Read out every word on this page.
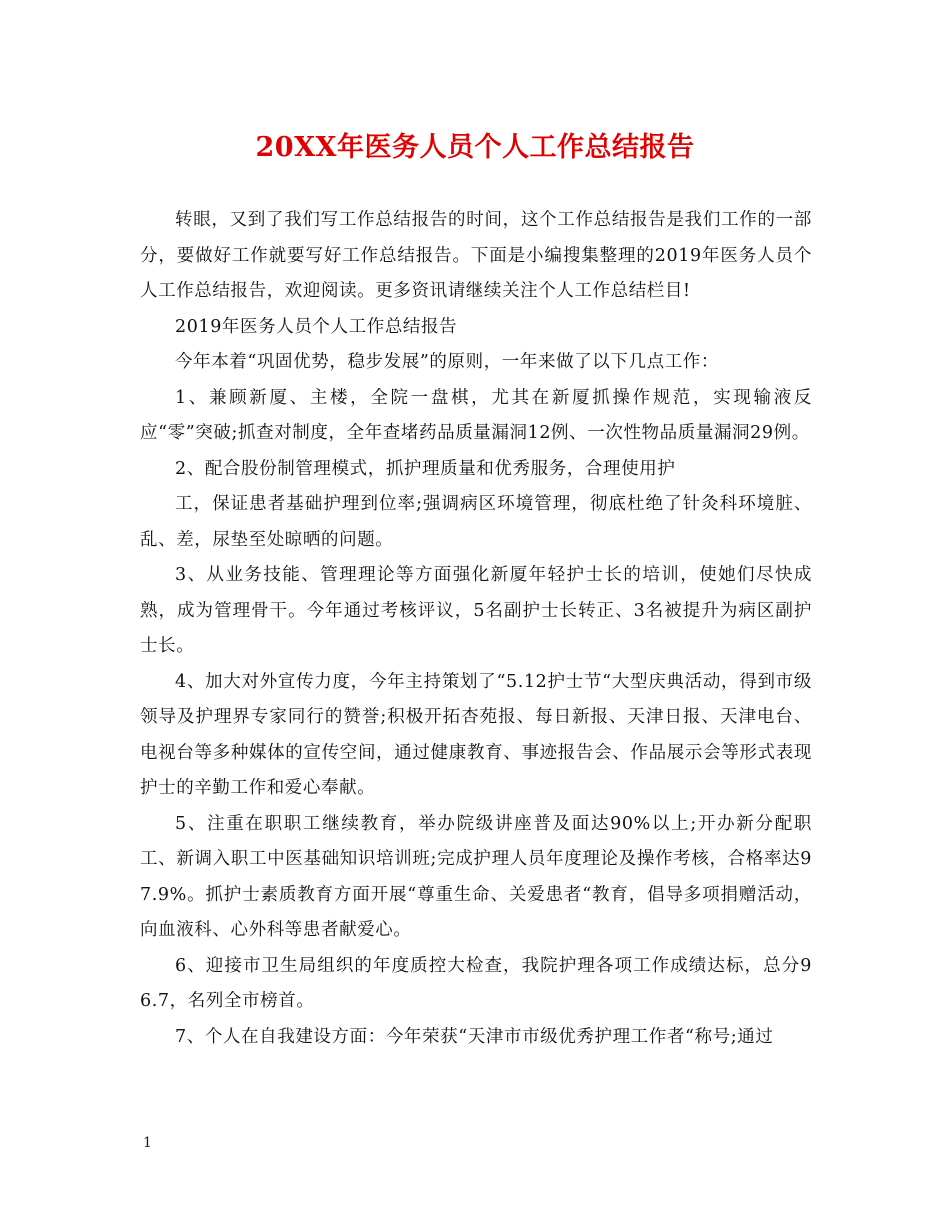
20XX年医务人员个人工作总结报告

转眼，又到了我们写工作总结报告的时间，这个工作总结报告是我们工作的一部分，要做好工作就要写好工作总结报告。下面是小编搜集整理的2019年医务人员个人工作总结报告，欢迎阅读。更多资讯请继续关注个人工作总结栏目!

2019年医务人员个人工作总结报告

今年本着“巩固优势，稳步发展”的原则，一年来做了以下几点工作：

1、兼顾新厦、主楼，全院一盘棋，尤其在新厦抓操作规范，实现输液反应“零”突破;抓查对制度，全年查堵药品质量漏洞12例、一次性物品质量漏洞29例。

2、配合股份制管理模式，抓护理质量和优秀服务，合理使用护

工，保证患者基础护理到位率;强调病区环境管理，彻底杜绝了针灸科环境脏、乱、差，尿垫至处晾晒的问题。

3、从业务技能、管理理论等方面强化新厦年轻护士长的培训，使她们尽快成熟，成为管理骨干。今年通过考核评议，5名副护士长转正、3名被提升为病区副护士长。

4、加大对外宣传力度，今年主持策划了“5.12护士节“大型庆典活动，得到市级领导及护理界专家同行的赞誉;积极开拓杏苑报、每日新报、天津日报、天津电台、电视台等多种媒体的宣传空间，通过健康教育、事迹报告会、作品展示会等形式表现护士的辛勤工作和爱心奉献。

5、注重在职职工继续教育，举办院级讲座普及面达90%以上;开办新分配职工、新调入职工中医基础知识培训班;完成护理人员年度理论及操作考核，合格率达97.9%。抓护士素质教育方面开展“尊重生命、关爱患者“教育，倡导多项捐赠活动，向血液科、心外科等患者献爱心。

6、迎接市卫生局组织的年度质控大检查，我院护理各项工作成绩达标，总分96.7，名列全市榜首。

7、个人在自我建设方面：今年荣获“天津市市级优秀护理工作者“称号;通过

1
